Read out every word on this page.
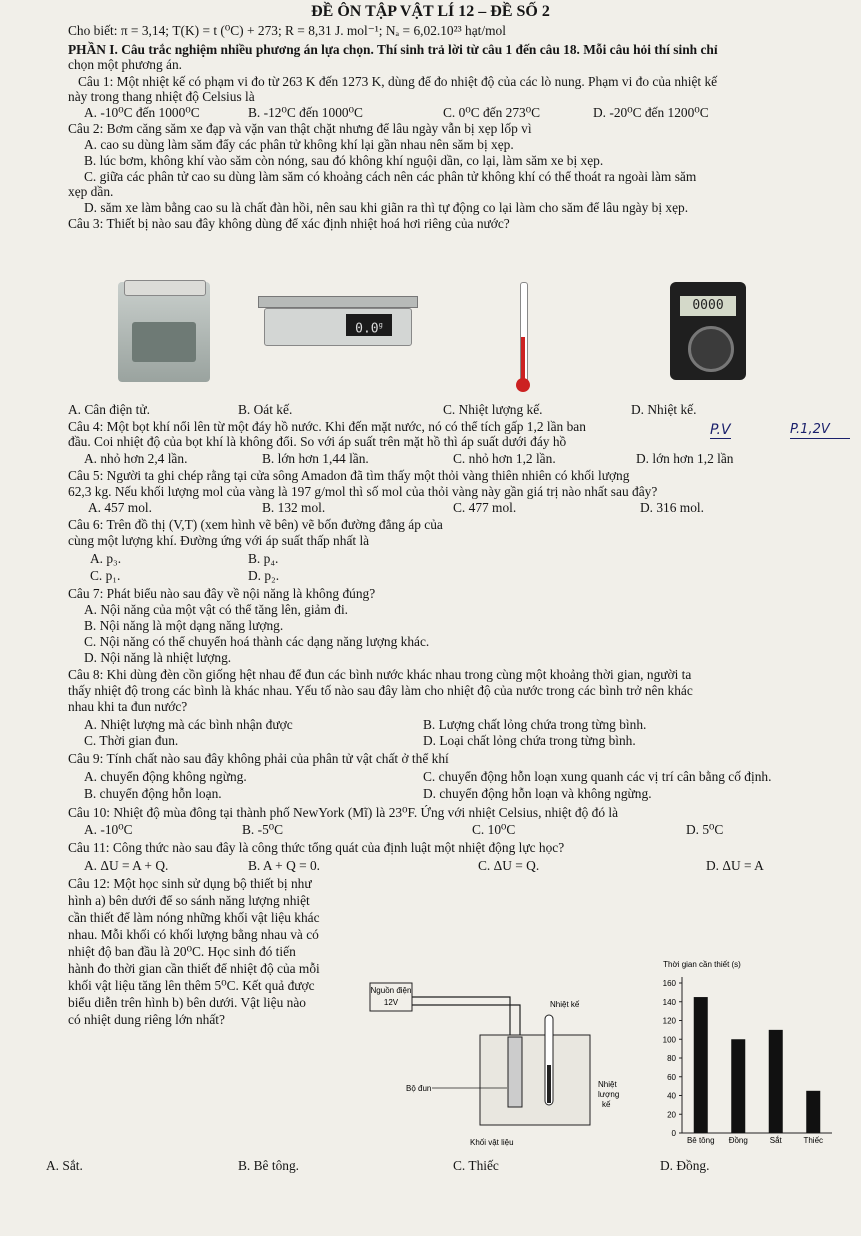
ĐỀ ÔN TẬP VẬT LÍ 12 – ĐỀ SỐ 2
Cho biết: π = 3,14; T(K) = t (⁰C) + 273; R = 8,31 J. mol⁻¹; Nₐ = 6,02.10²³ hạt/mol
PHẦN I. Câu trắc nghiệm nhiều phương án lựa chọn. Thí sinh trả lời từ câu 1 đến câu 18. Mỗi câu hỏi thí sinh chỉ
chọn một phương án.
Câu 1: Một nhiệt kế có phạm vi đo từ 263 K đến 1273 K, dùng để đo nhiệt độ của các lò nung. Phạm vi đo của nhiệt kế
này trong thang nhiệt độ Celsius là
A. -10⁰C đến 1000⁰C	B. -12⁰C đến 1000⁰C	C. 0⁰C đến 273⁰C	D. -20⁰C đến 1200⁰C
Câu 2: Bơm căng săm xe đạp và vặn van thật chặt nhưng để lâu ngày vẫn bị xẹp lốp vì
A. cao su dùng làm săm đẩy các phân tử không khí lại gần nhau nên săm bị xẹp.
B. lúc bơm, không khí vào săm còn nóng, sau đó không khí nguội dần, co lại, làm săm xe bị xẹp.
C. giữa các phân tử cao su dùng làm săm có khoảng cách nên các phân tử không khí có thể thoát ra ngoài làm săm
xẹp dần.
D. săm xe làm bằng cao su là chất đàn hồi, nên sau khi giãn ra thì tự động co lại làm cho săm để lâu ngày bị xẹp.
Câu 3: Thiết bị nào sau đây không dùng để xác định nhiệt hoá hơi riêng của nước?
0.0$^g$
0000
A. Cân điện tử.	B. Oát kế.	C. Nhiệt lượng kế.	D. Nhiệt kế.
Câu 4: Một bọt khí nổi lên từ một đáy hồ nước. Khi đến mặt nước, nó có thể tích gấp 1,2 lần ban
đầu. Coi nhiệt độ của bọt khí là không đổi. So với áp suất trên mặt hồ thì áp suất dưới đáy hồ
P.V	P.1,2V
A. nhỏ hơn 2,4 lần.	B. lớn hơn 1,44 lần.	C. nhỏ hơn 1,2 lần.	D. lớn hơn 1,2 lần
Câu 5: Người ta ghi chép rằng tại cửa sông Amadon đã tìm thấy một thỏi vàng thiên nhiên có khối lượng
62,3 kg. Nếu khối lượng mol của vàng là 197 g/mol thì số mol của thỏi vàng này gần giá trị nào nhất sau đây?
A. 457 mol.	B. 132 mol.	C. 477 mol.	D. 316 mol.
Câu 6: Trên đồ thị (V,T) (xem hình vẽ bên) vẽ bốn đường đẳng áp của
cùng một lượng khí. Đường ứng với áp suất thấp nhất là
A. p₃.	B. p₄.
C. p₁.	D. p₂.
Câu 7: Phát biểu nào sau đây về nội năng là không đúng?
A. Nội năng của một vật có thể tăng lên, giảm đi.
B. Nội năng là một dạng năng lượng.
C. Nội năng có thể chuyển hoá thành các dạng năng lượng khác.
D. Nội năng là nhiệt lượng.
Câu 8: Khi dùng đèn cồn giống hệt nhau để đun các bình nước khác nhau trong cùng một khoảng thời gian, người ta
thấy nhiệt độ trong các bình là khác nhau. Yếu tố nào sau đây làm cho nhiệt độ của nước trong các bình trở nên khác
nhau khi ta đun nước?
A. Nhiệt lượng mà các bình nhận được	B. Lượng chất lỏng chứa trong từng bình.
C. Thời gian đun.	D. Loại chất lỏng chứa trong từng bình.
Câu 9: Tính chất nào sau đây không phải của phân tử vật chất ở thể khí
A. chuyển động không ngừng.	C. chuyển động hỗn loạn xung quanh các vị trí cân bằng cố định.
B. chuyển động hỗn loạn.	D. chuyển động hỗn loạn và không ngừng.
Câu 10: Nhiệt độ mùa đông tại thành phố NewYork (Mĩ) là 23⁰F. Ứng với nhiệt Celsius, nhiệt độ đó là
A. -10⁰C	B. -5⁰C	C. 10⁰C	D. 5⁰C
Câu 11: Công thức nào sau đây là công thức tổng quát của định luật một nhiệt động lực học?
A. ΔU = A + Q.	B. A + Q = 0.	C. ΔU = Q.	D. ΔU = A
Câu 12: Một học sinh sử dụng bộ thiết bị như
hình a) bên dưới để so sánh năng lượng nhiệt
cần thiết để làm nóng những khối vật liệu khác
nhau. Mỗi khối có khối lượng bằng nhau và có
nhiệt độ ban đầu là 20⁰C. Học sinh đó tiến
hành đo thời gian cần thiết để nhiệt độ của mỗi
khối vật liệu tăng lên thêm 5⁰C. Kết quả được
biểu diễn trên hình b) bên dưới. Vật liệu nào
có nhiệt dung riêng lớn nhất?
Nguồn điện
12V	Nhiệt kế
Nhiệt
lượng
kế
Bộ đun
Khối vật liệu
Thời gian cần thiết (s)
0
20
40
60
80
100
120
140
160
Bê tông Đồng	Sắt	Thiếc
A. Sắt.	B. Bê tông.	C. Thiếc	D. Đồng.
